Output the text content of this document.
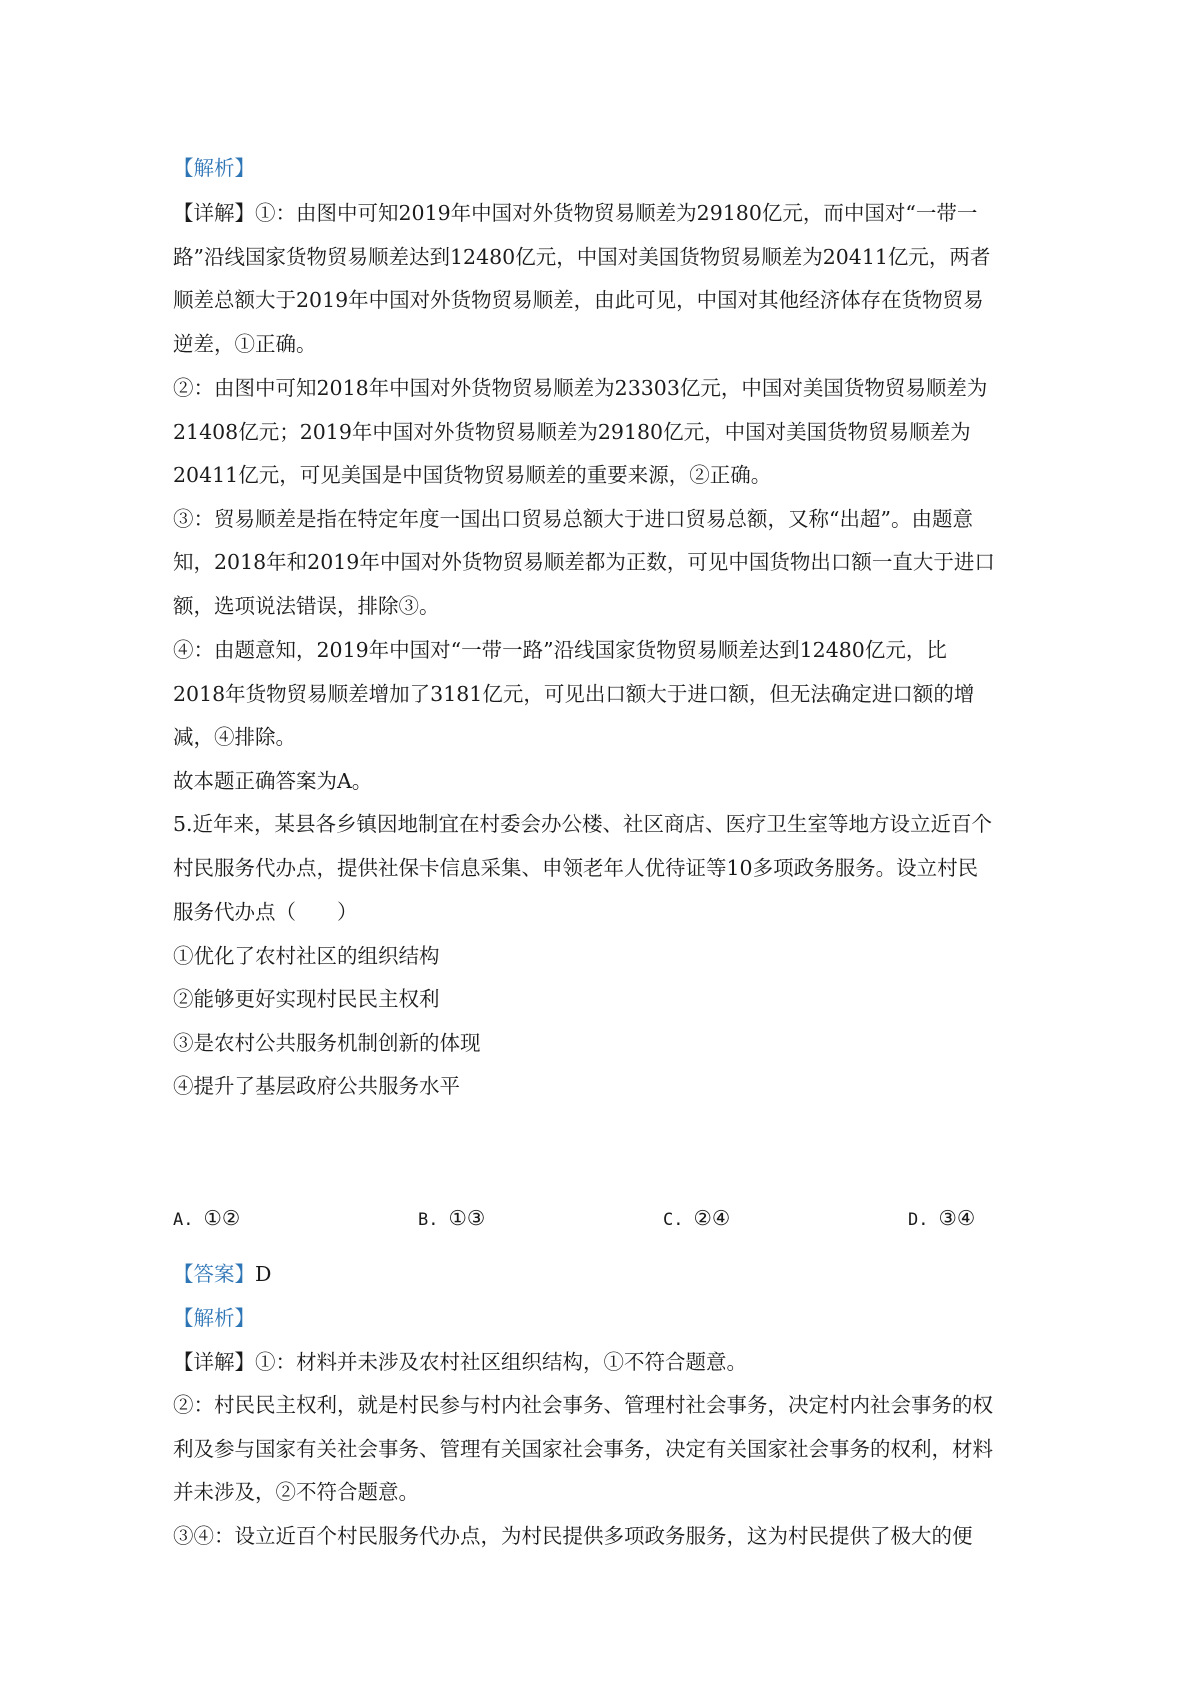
【解析】
【详解】①：由图中可知2019年中国对外货物贸易顺差为29180亿元，而中国对“一带一
路”沿线国家货物贸易顺差达到12480亿元，中国对美国货物贸易顺差为20411亿元，两者
顺差总额大于2019年中国对外货物贸易顺差，由此可见，中国对其他经济体存在货物贸易
逆差，①正确。
②：由图中可知2018年中国对外货物贸易顺差为23303亿元，中国对美国货物贸易顺差为
21408亿元；2019年中国对外货物贸易顺差为29180亿元，中国对美国货物贸易顺差为
20411亿元，可见美国是中国货物贸易顺差的重要来源，②正确。
③：贸易顺差是指在特定年度一国出口贸易总额大于进口贸易总额，又称“出超”。由题意
知，2018年和2019年中国对外货物贸易顺差都为正数，可见中国货物出口额一直大于进口
额，选项说法错误，排除③。
④：由题意知，2019年中国对“一带一路”沿线国家货物贸易顺差达到12480亿元，比
2018年货物贸易顺差增加了3181亿元，可见出口额大于进口额，但无法确定进口额的增
减，④排除。
故本题正确答案为A。
5.近年来，某县各乡镇因地制宜在村委会办公楼、社区商店、医疗卫生室等地方设立近百个
村民服务代办点，提供社保卡信息采集、申领老年人优待证等10多项政务服务。设立村民
服务代办点（　　）
①优化了农村社区的组织结构
②能够更好实现村民民主权利
③是农村公共服务机制创新的体现
④提升了基层政府公共服务水平
A. ①②	B. ①③	C. ②④	D. ③④
【答案】D
【解析】
【详解】①：材料并未涉及农村社区组织结构，①不符合题意。
②：村民民主权利，就是村民参与村内社会事务、管理村社会事务，决定村内社会事务的权
利及参与国家有关社会事务、管理有关国家社会事务，决定有关国家社会事务的权利，材料
并未涉及，②不符合题意。
③④：设立近百个村民服务代办点，为村民提供多项政务服务，这为村民提供了极大的便
